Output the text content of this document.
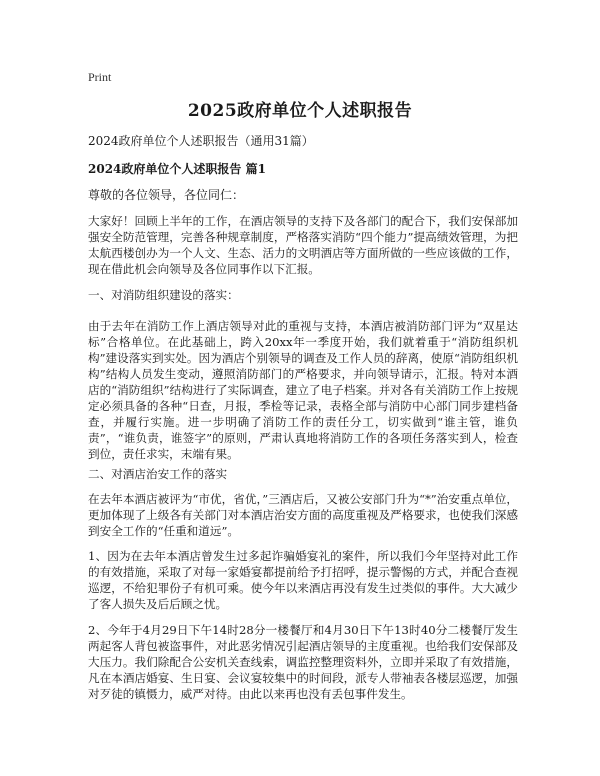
Print
2025政府单位个人述职报告
2024政府单位个人述职报告（通用31篇）
2024政府单位个人述职报告 篇1
尊敬的各位领导，各位同仁：
大家好！回顾上半年的工作，在酒店领导的支持下及各部门的配合下，我们安保部加强安全防范管理，完善各种规章制度，严格落实消防“四个能力”提高绩效管理，为把太航西楼创办为一个人文、生态、活力的文明酒店等方面所做的一些应该做的工作，现在借此机会向领导及各位同事作以下汇报。
一、对消防组织建设的落实：
由于去年在消防工作上酒店领导对此的重视与支持，本酒店被消防部门评为“双星达标”合格单位。在此基础上，跨入20xx年一季度开始，我们就着重于“消防组织机构”建设落实到实处。因为酒店个别领导的调查及工作人员的辞离，使原“消防组织机构”结构人员发生变动，遵照消防部门的严格要求，并向领导请示，汇报。特对本酒店的“消防组织”结构进行了实际调查，建立了电子档案。并对各有关消防工作上按规定必须具备的各种“日查，月报，季检等记录，表格全部与消防中心部门同步建档备查，并履行实施。进一步明确了消防工作的责任分工，切实做到“谁主管，谁负责”，“谁负责，谁签字”的原则，严肃认真地将消防工作的各项任务落实到人，检查到位，责任求实，末端有果。
二、对酒店治安工作的落实
在去年本酒店被评为“市优，省优，”三酒店后，又被公安部门升为“*”治安重点单位，更加体现了上级各有关部门对本酒店治安方面的高度重视及严格要求，也使我们深感到安全工作的“任重和道远”。
1、因为在去年本酒店曾发生过多起诈骗婚宴礼的案件，所以我们今年坚持对此工作的有效措施，采取了对每一家婚宴都提前给予打招呼，提示警惕的方式，并配合查视巡逻，不给犯罪份子有机可乘。使今年以来酒店再没有发生过类似的事件。大大减少了客人损失及后后顾之忧。
2、今年于4月29日下午14时28分一楼餐厅和4月30日下午13时40分二楼餐厅发生两起客人背包被盗事件，对此恶劣情况引起酒店领导的主度重视。也给我们安保部及大压力。我们除配合公安机关查线索，调监控整理资料外，立即并采取了有效措施，凡在本酒店婚宴、生日宴、会议宴较集中的时间段，派专人带袖表各楼层巡逻，加强对歹徒的镇慑力，威严对待。由此以来再也没有丢包事件发生。
